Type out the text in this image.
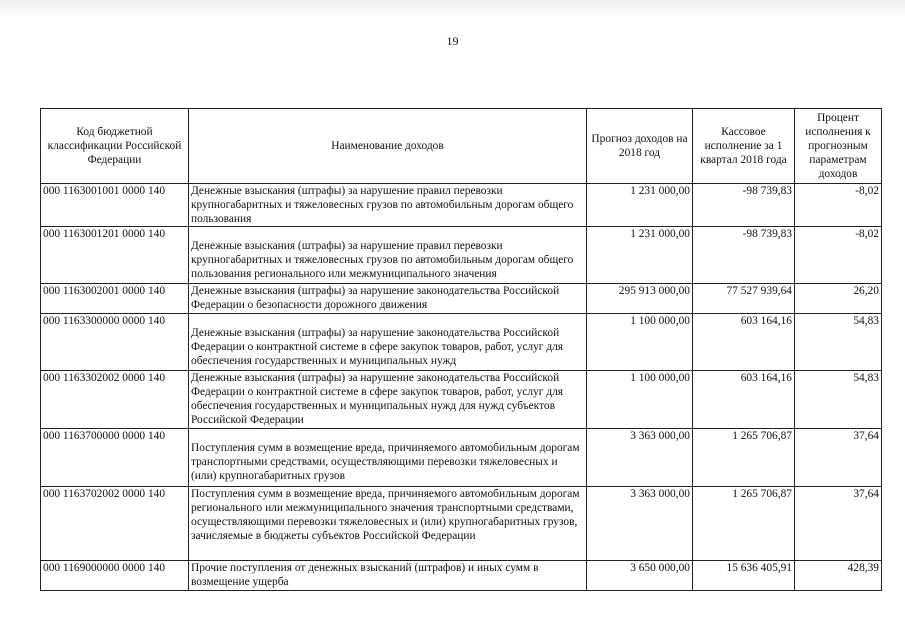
19
Код бюджетной классификации Российской Федерации	Наименование доходов	Прогноз доходов на 2018 год	Кассовое исполнение за 1 квартал 2018 года	Процент исполнения к прогнозным параметрам доходов
000 1163001001 0000 140	Денежные взыскания (штрафы) за нарушение правил перевозки крупногабаритных и тяжеловесных грузов по автомобильным дорогам общего пользования	1 231 000,00	-98 739,83	-8,02
000 1163001201 0000 140	Денежные взыскания (штрафы) за нарушение правил перевозки крупногабаритных и тяжеловесных грузов по автомобильным дорогам общего пользования регионального или межмуниципального значения	1 231 000,00	-98 739,83	-8,02
000 1163002001 0000 140	Денежные взыскания (штрафы) за нарушение законодательства Российской Федерации о безопасности дорожного движения	295 913 000,00	77 527 939,64	26,20
000 1163300000 0000 140	Денежные взыскания (штрафы) за нарушение законодательства Российской Федерации о контрактной системе в сфере закупок товаров, работ, услуг для обеспечения государственных и муниципальных нужд	1 100 000,00	603 164,16	54,83
000 1163302002 0000 140	Денежные взыскания (штрафы) за нарушение законодательства Российской Федерации о контрактной системе в сфере закупок товаров, работ, услуг для обеспечения государственных и муниципальных нужд для нужд субъектов Российской Федерации	1 100 000,00	603 164,16	54,83
000 1163700000 0000 140	Поступления сумм в возмещение вреда, причиняемого автомобильным дорогам транспортными средствами, осуществляющими перевозки тяжеловесных и (или) крупногабаритных грузов	3 363 000,00	1 265 706,87	37,64
000 1163702002 0000 140	Поступления сумм в возмещение вреда, причиняемого автомобильным дорогам регионального или межмуниципального значения транспортными средствами, осуществляющими перевозки тяжеловесных и (или) крупногабаритных грузов, зачисляемые в бюджеты субъектов Российской Федерации	3 363 000,00	1 265 706,87	37,64
000 1169000000 0000 140	Прочие поступления от денежных взысканий (штрафов) и иных сумм в возмещение ущерба	3 650 000,00	15 636 405,91	428,39
